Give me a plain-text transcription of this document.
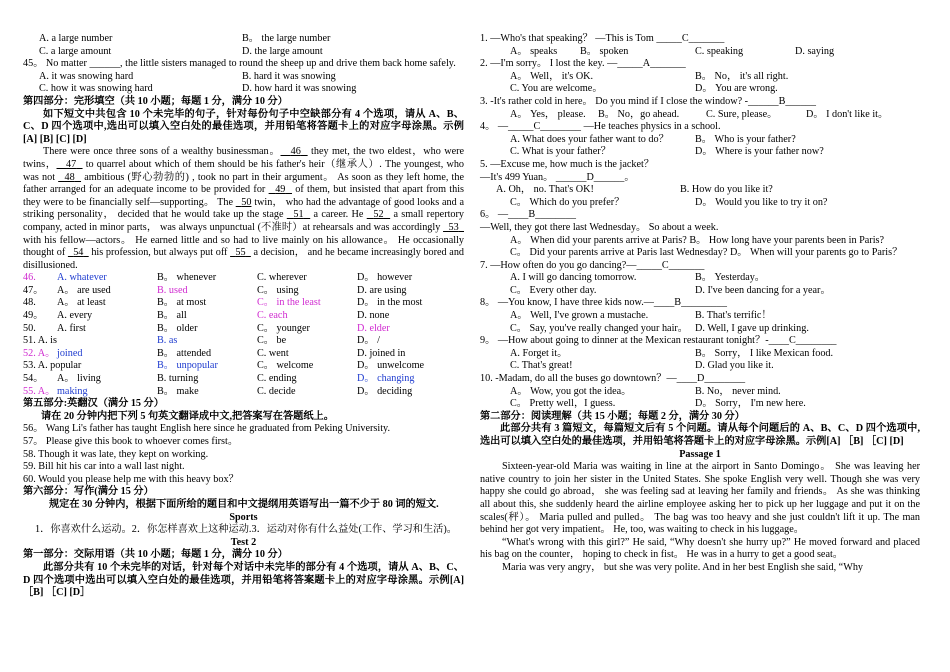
A. a large number	B。 the large number
C. a large amount	D. the large amount
45。 No matter ______, the little sisters managed to round the sheep up and drive them back home safely.
A. it was snowing hard	B. hard it was snowing
C. how it was snowing hard	D. how hard it was snowing
第四部分：完形填空（共 10 小题；每题 1 分，满分 10 分）
如下短文中共包含 10 个未完毕的句子，针对每份句子中空缺部分有 4 个选项，请从 A、B、C、D 四个选项中,选出可以填入空白处的最佳选项，并用铅笔将答题卡上的对应字母涂黑。示例[A] [B] [C] [D]
There were once three sons of a wealthy businessman。 46   they met, the two eldest，who were twins， 47   to quarrel about which of them should be his father's heir（继承人）. The youngest, who was not   48   ambitious (野心勃勃的) , took no part in their argument。 As soon as they left home, the father arranged for an adequate income to be provided for   49   of them, but insisted that apart from this they were to be financially self—supporting。 The   50 twin， who had the advantage of good looks and a striking personality， decided that he would take up the stage   51   a career. He   52   a small repertory company, acted in minor parts， was always unpunctual (不准时）at rehearsals and was accordingly   53   with his fellow—actors。 He earned little and so had to live mainly on his allowance。 He occasionally thought of   54   his profession, but always put off   55   a decision， and he became increasingly bored and disillusioned.
46.	A. whatever	B。 whenever	C. wherever	D。 however
47。	A。 are used	B. used	C。 using	D. are using
48.	A。 at least	B。 at most	C。 in the least	D。 in the most
49。	A. every	B。 all	C. each	D. none
50.	A. first	B。 older	C。 younger	D. elder
51. A. is	B. as	C。 be	D。 /
52. A。 joined	B。 attended	C. went	D. joined in
53. A. popular	B。 unpopular	C。 welcome	D。 unwelcome
54。	A。 living	B. turning	C. ending	D。 changing
55. A。 making	B。 make	C. decide	D。 deciding
第五部分:英翻汉（满分 15 分）
请在 20 分钟内把下列 5 句英文翻译成中文,把答案写在答题纸上。
56。 Wang Li's father has taught English here since he graduated from Peking University.
57。 Please give this book to whoever comes first。
58. Though it was late, they kept on working.
59. Bill hit his car into a wall last night.
60. Would you please help me with this heavy box？
第六部分：写作(满分 15 分）
规定在 30 分钟内，根据下面所给的题目和中文提纲用英语写出一篇不少于 80 词的短文.
Sports
1．你喜欢什么运动。2．你怎样喜欢上这种运动.3．运动对你有什么益处(工作、学习和生活)。
Test 2
第一部分：交际用语（共 10 小题；每题 1 分，满分 10 分）
此部分共有 10 个未完毕的对话，针对每个对话中未完毕的部分有 4 个选项，请从 A、B、C、D 四个选项中选出可以填入空白处的最佳选项，并用铅笔将答案题卡上的对应字母涂黑。示例[A] ［B] ［C] [D］
1. —Who's that speaking？ —This is Tom _____C_______
A。 speaks	B。 spoken	C. speaking	D. saying
2. —I'm sorry。 I lost the key. —_____A_______
A。 Well， it's OK.	B。 No， it's all right.
C. You are welcome。	D。 You are wrong.
3. -It's rather cold in here。 Do you mind if I close the window? -______B______
A。 Yes， please.	B。 No，go ahead.	C. Sure, please。	D。 I don't like it。
4。 —_____C________ —He teaches physics in a school.
A. What does your father want to do？	B。 Who is your father?
C. What is your father？	D。 Where is your father now?
5. —Excuse me, how much is the jacket？
—It's 499 Yuan。 ______D______。
A. Oh， no. That's OK!	B. How do you like it?
C。 Which do you prefer？	D。 Would you like to try it on?
6。 —____B________
—Well, they got there last Wednesday。 So about a week.
A。 When did your parents arrive at Paris? B。 How long have your parents been in Paris?
C。 Did your parents arrive at Paris last Wednesday? D。 When will your parents go to Paris？
7. —How often do you go dancing?—_____C_______
A. I will go dancing tomorrow.	B。 Yesterday。
C。 Every other day.	D. I've been dancing for a year。
8。 —You know, I have three kids now.—____B_________
A。 Well, I've grown a mustache.	B. That's terrific！
C。 Say, you've really changed your hair。 D. Well, I gave up drinking.
9。 —How about going to dinner at the Mexican restaurant tonight？-____C________
A. Forget it。	B。 Sorry， I like Mexican food.
C. That's great!	D. Glad you like it.
10. -Madam, do all the buses go downtown？—____D________
A。 Wow, you got the idea。	B. No， never mind.
C。 Pretty well，I guess.	D。 Sorry， I'm new here.
第二部分：阅读理解（共 15 小题；每题 2 分，满分 30 分）
此部分共有 3 篇短文，每篇短文后有 5 个问题。请从每个问题后的 A、B、C、D 四个选项中,选出可以填入空白处的最佳选项，并用铅笔将答题卡上的对应字母涂黑。示例[A] ［B] ［C] [D]
Passage 1
Sixteen-year-old Maria was waiting in line at the airport in Santo Domingo。 She was leaving her native country to join her sister in the United States. She spoke English very well. Though she was very happy she could go abroad， she was feeling sad at leaving her family and friends。 As she was thinking all about this, she suddenly heard the airline employee asking her to pick up her luggage and put it on the scales(秤）。 Maria pulled and pulled。 The bag was too heavy and she just couldn't lift it up. The man behind her got very impatient。 He, too, was waiting to check in his luggage。
“What's wrong with this girl?” He said, “Why doesn't she hurry up?” He moved forward and placed his bag on the counter， hoping to check in fist。 He was in a hurry to get a good seat。
Maria was very angry， but she was very polite. And in her best English she said, “Why
